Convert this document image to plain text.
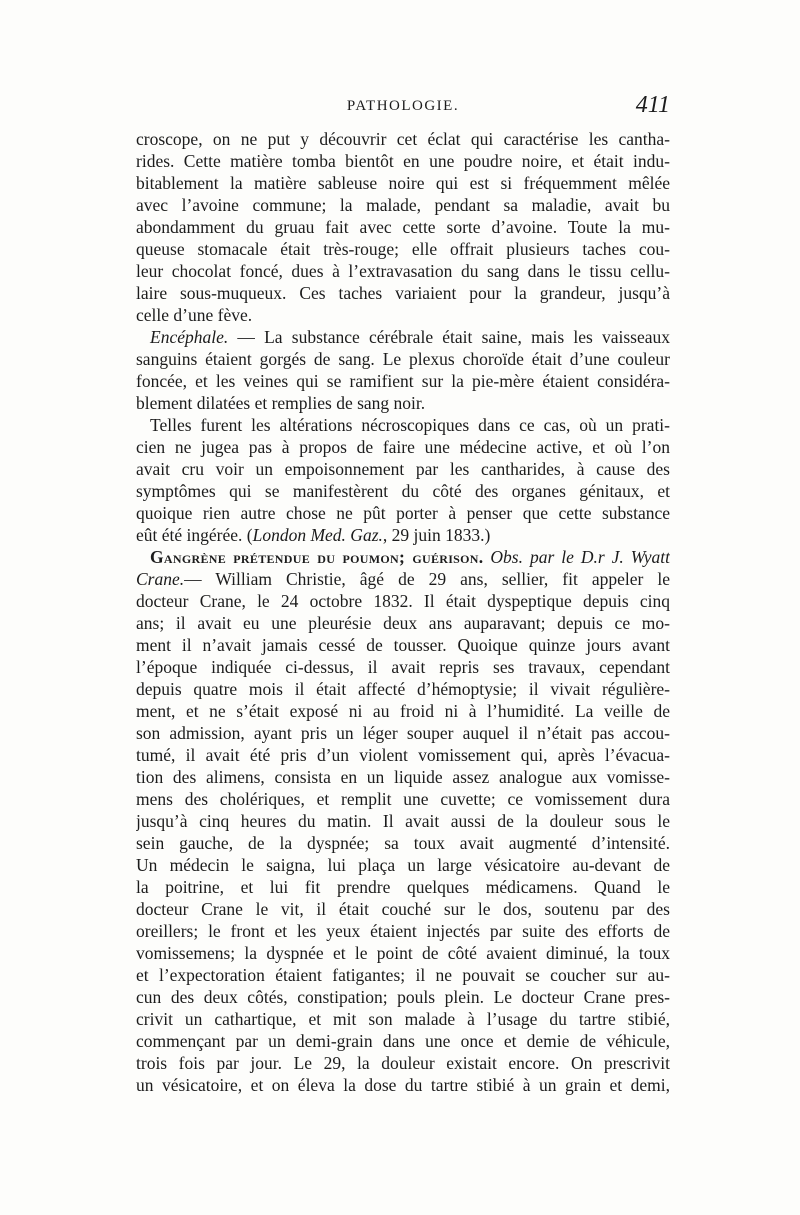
PATHOLOGIE.	411
croscope, on ne put y découvrir cet éclat qui caractérise les cantha-
rides. Cette matière tomba bientôt en une poudre noire, et était indu-
bitablement la matière sableuse noire qui est si fréquemment mêlée
avec l’avoine commune; la malade, pendant sa maladie, avait bu
abondamment du gruau fait avec cette sorte d’avoine. Toute la mu-
queuse stomacale était très-rouge; elle offrait plusieurs taches cou-
leur chocolat foncé, dues à l’extravasation du sang dans le tissu cellu-
laire sous-muqueux. Ces taches variaient pour la grandeur, jusqu’à
celle d’une fève.
Encéphale. — La substance cérébrale était saine, mais les vaisseaux
sanguins étaient gorgés de sang. Le plexus choroïde était d’une couleur
foncée, et les veines qui se ramifient sur la pie-mère étaient considéra-
blement dilatées et remplies de sang noir.
Telles furent les altérations nécroscopiques dans ce cas, où un prati-
cien ne jugea pas à propos de faire une médecine active, et où l’on
avait cru voir un empoisonnement par les cantharides, à cause des
symptômes qui se manifestèrent du côté des organes génitaux, et
quoique rien autre chose ne pût porter à penser que cette substance
eût été ingérée. (London Med. Gaz., 29 juin 1833.)
Gangrène prétendue du poumon; guérison. Obs. par le D.r J. Wyatt
Crane.— William Christie, âgé de 29 ans, sellier, fit appeler le
docteur Crane, le 24 octobre 1832. Il était dyspeptique depuis cinq
ans; il avait eu une pleurésie deux ans auparavant; depuis ce mo-
ment il n’avait jamais cessé de tousser. Quoique quinze jours avant
l’époque indiquée ci-dessus, il avait repris ses travaux, cependant
depuis quatre mois il était affecté d’hémoptysie; il vivait régulière-
ment, et ne s’était exposé ni au froid ni à l’humidité. La veille de
son admission, ayant pris un léger souper auquel il n’était pas accou-
tumé, il avait été pris d’un violent vomissement qui, après l’évacua-
tion des alimens, consista en un liquide assez analogue aux vomisse-
mens des cholériques, et remplit une cuvette; ce vomissement dura
jusqu’à cinq heures du matin. Il avait aussi de la douleur sous le
sein gauche, de la dyspnée; sa toux avait augmenté d’intensité.
Un médecin le saigna, lui plaça un large vésicatoire au-devant de
la poitrine, et lui fit prendre quelques médicamens. Quand le
docteur Crane le vit, il était couché sur le dos, soutenu par des
oreillers; le front et les yeux étaient injectés par suite des efforts de
vomissemens; la dyspnée et le point de côté avaient diminué, la toux
et l’expectoration étaient fatigantes; il ne pouvait se coucher sur au-
cun des deux côtés, constipation; pouls plein. Le docteur Crane pres-
crivit un cathartique, et mit son malade à l’usage du tartre stibié,
commençant par un demi-grain dans une once et demie de véhicule,
trois fois par jour. Le 29, la douleur existait encore. On prescrivit
un vésicatoire, et on éleva la dose du tartre stibié à un grain et demi,
